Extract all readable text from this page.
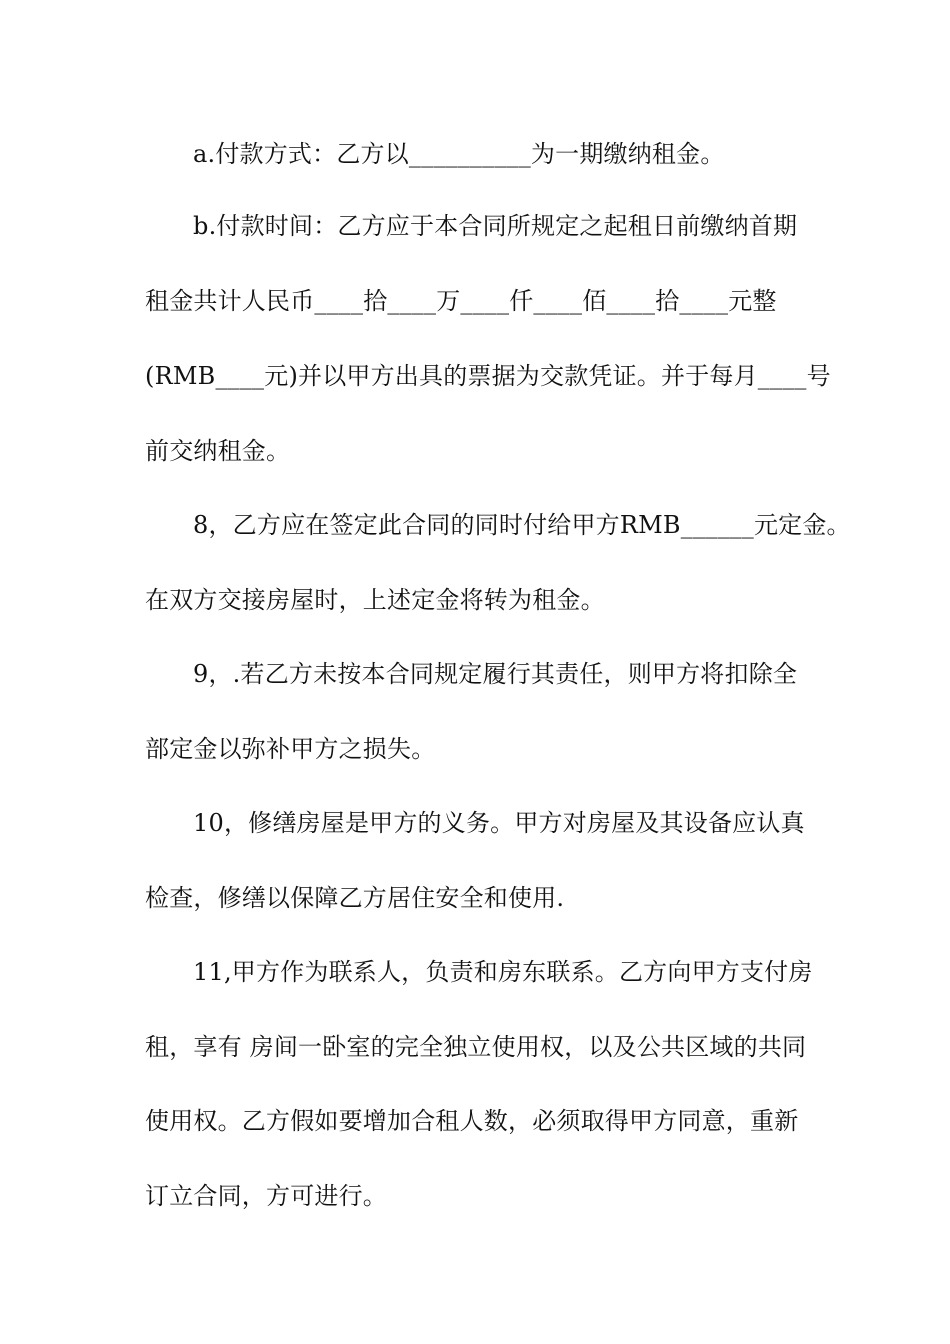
a.付款方式：乙方以__________为一期缴纳租金。
b.付款时间：乙方应于本合同所规定之起租日前缴纳首期
租金共计人民币____拾____万____仟____佰____拾____元整
(RMB____元)并以甲方出具的票据为交款凭证。并于每月____号
前交纳租金。
8，乙方应在签定此合同的同时付给甲方RMB______元定金。
在双方交接房屋时，上述定金将转为租金。
9，.若乙方未按本合同规定履行其责任，则甲方将扣除全
部定金以弥补甲方之损失。
10，修缮房屋是甲方的义务。甲方对房屋及其设备应认真
检查，修缮以保障乙方居住安全和使用.
11,甲方作为联系人，负责和房东联系。乙方向甲方支付房
租，享有 房间一卧室的完全独立使用权，以及公共区域的共同
使用权。乙方假如要增加合租人数，必须取得甲方同意，重新
订立合同，方可进行。
